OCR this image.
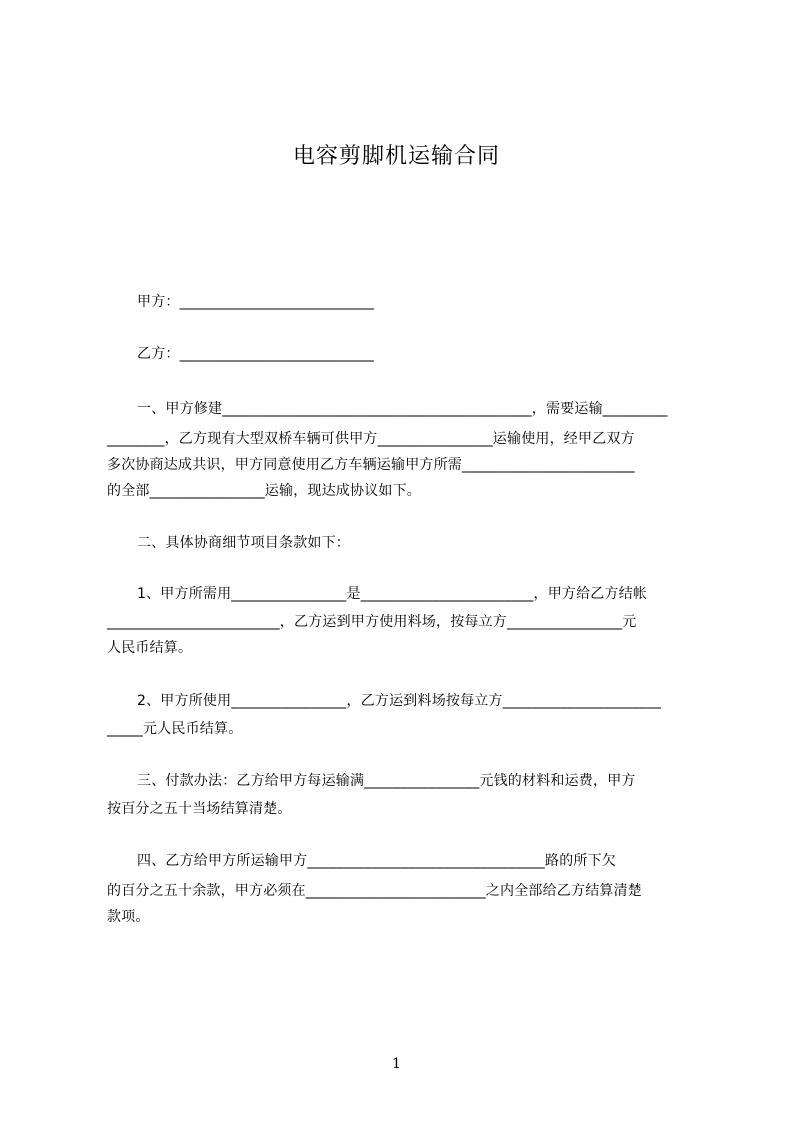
电容剪脚机运输合同
甲方：___________________________
乙方：___________________________
一、甲方修建___________________________________________，需要运输_________
________，乙方现有大型双桥车辆可供甲方________________运输使用，经甲乙双方
多次协商达成共识，甲方同意使用乙方车辆运输甲方所需________________________
的全部________________运输，现达成协议如下。
二、具体协商细节项目条款如下：
1、甲方所需用________________是________________________，甲方给乙方结帐
________________________，乙方运到甲方使用料场，按每立方________________元
人民币结算。
2、甲方所使用________________，乙方运到料场按每立方______________________
_____元人民币结算。
三、付款办法：乙方给甲方每运输满________________元钱的材料和运费，甲方
按百分之五十当场结算清楚。
四、乙方给甲方所运输甲方_________________________________路的所下欠
的百分之五十余款，甲方必须在_________________________之内全部给乙方结算清楚
款项。
1
